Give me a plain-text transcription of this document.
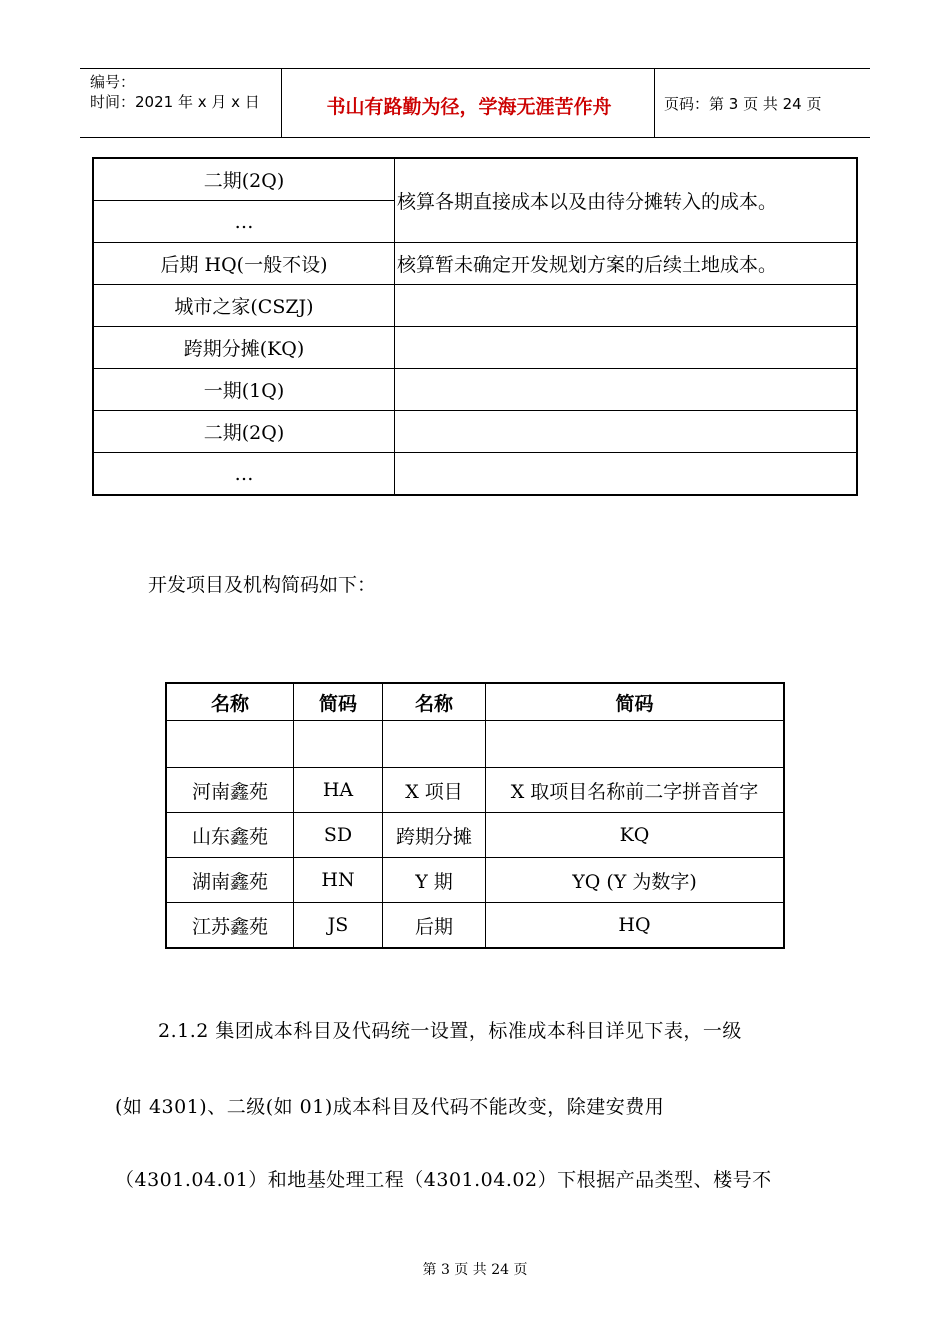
编号：
时间：2021 年 x 月 x 日	书山有路勤为径，学海无涯苦作舟	页码：第 3 页 共 24 页
二期(2Q)	核算各期直接成本以及由待分摊转入的成本。
…	
后期 HQ(一般不设)	核算暂未确定开发规划方案的后续土地成本。
城市之家(CSZJ)	
跨期分摊(KQ)	
一期(1Q)	
二期(2Q)	
…	
开发项目及机构简码如下：
名称	简码	名称	简码

河南鑫苑	HA	X 项目	X 取项目名称前二字拼音首字
山东鑫苑	SD	跨期分摊	KQ
湖南鑫苑	HN	Y 期	YQ (Y 为数字)
江苏鑫苑	JS	后期	HQ
2.1.2 集团成本科目及代码统一设置，标准成本科目详见下表，一级
(如 4301)、二级(如 01)成本科目及代码不能改变，除建安费用
（4301.04.01）和地基处理工程（4301.04.02）下根据产品类型、楼号不
第 3 页 共 24 页
